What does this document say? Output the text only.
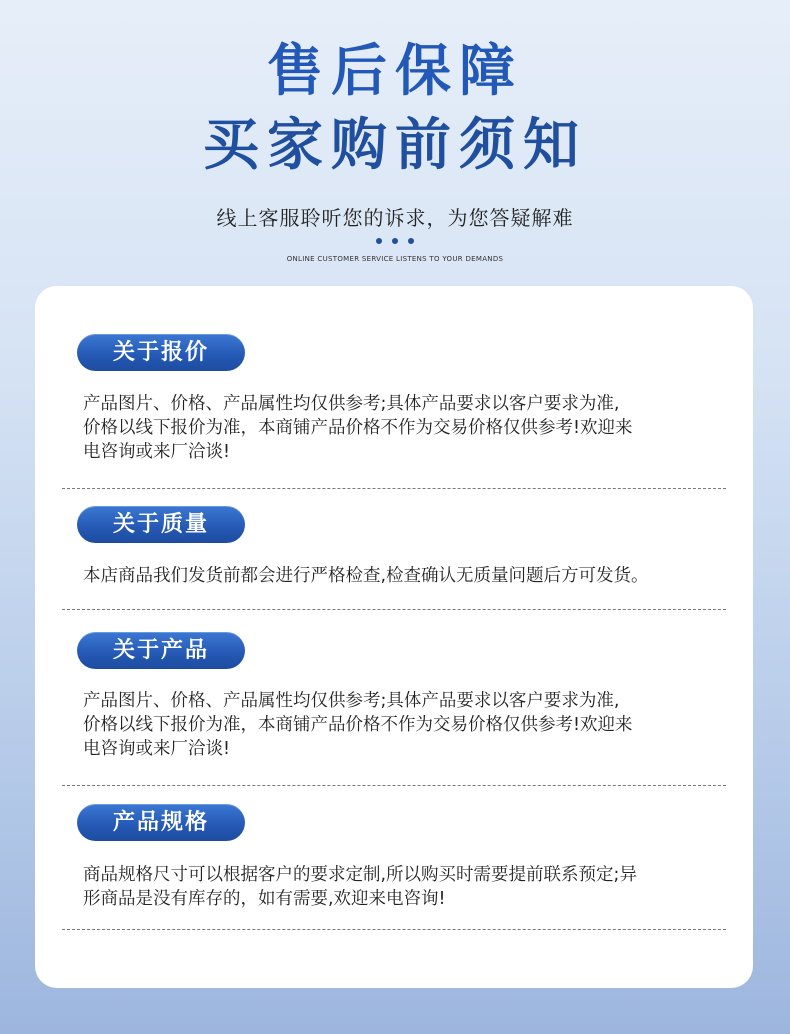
售后保障
买家购前须知
线上客服聆听您的诉求，为您答疑解难
ONLINE CUSTOMER SERVICE LISTENS TO YOUR DEMANDS
关于报价
产品图片、价格、产品属性均仅供参考;具体产品要求以客户要求为准,
价格以线下报价为准，本商铺产品价格不作为交易价格仅供参考!欢迎来
电咨询或来厂洽谈!
关于质量
本店商品我们发货前都会进行严格检查,检查确认无质量问题后方可发货。
关于产品
产品图片、价格、产品属性均仅供参考;具体产品要求以客户要求为准,
价格以线下报价为准，本商铺产品价格不作为交易价格仅供参考!欢迎来
电咨询或来厂洽谈!
产品规格
商品规格尺寸可以根据客户的要求定制,所以购买时需要提前联系预定;异
形商品是没有库存的，如有需要,欢迎来电咨询!
